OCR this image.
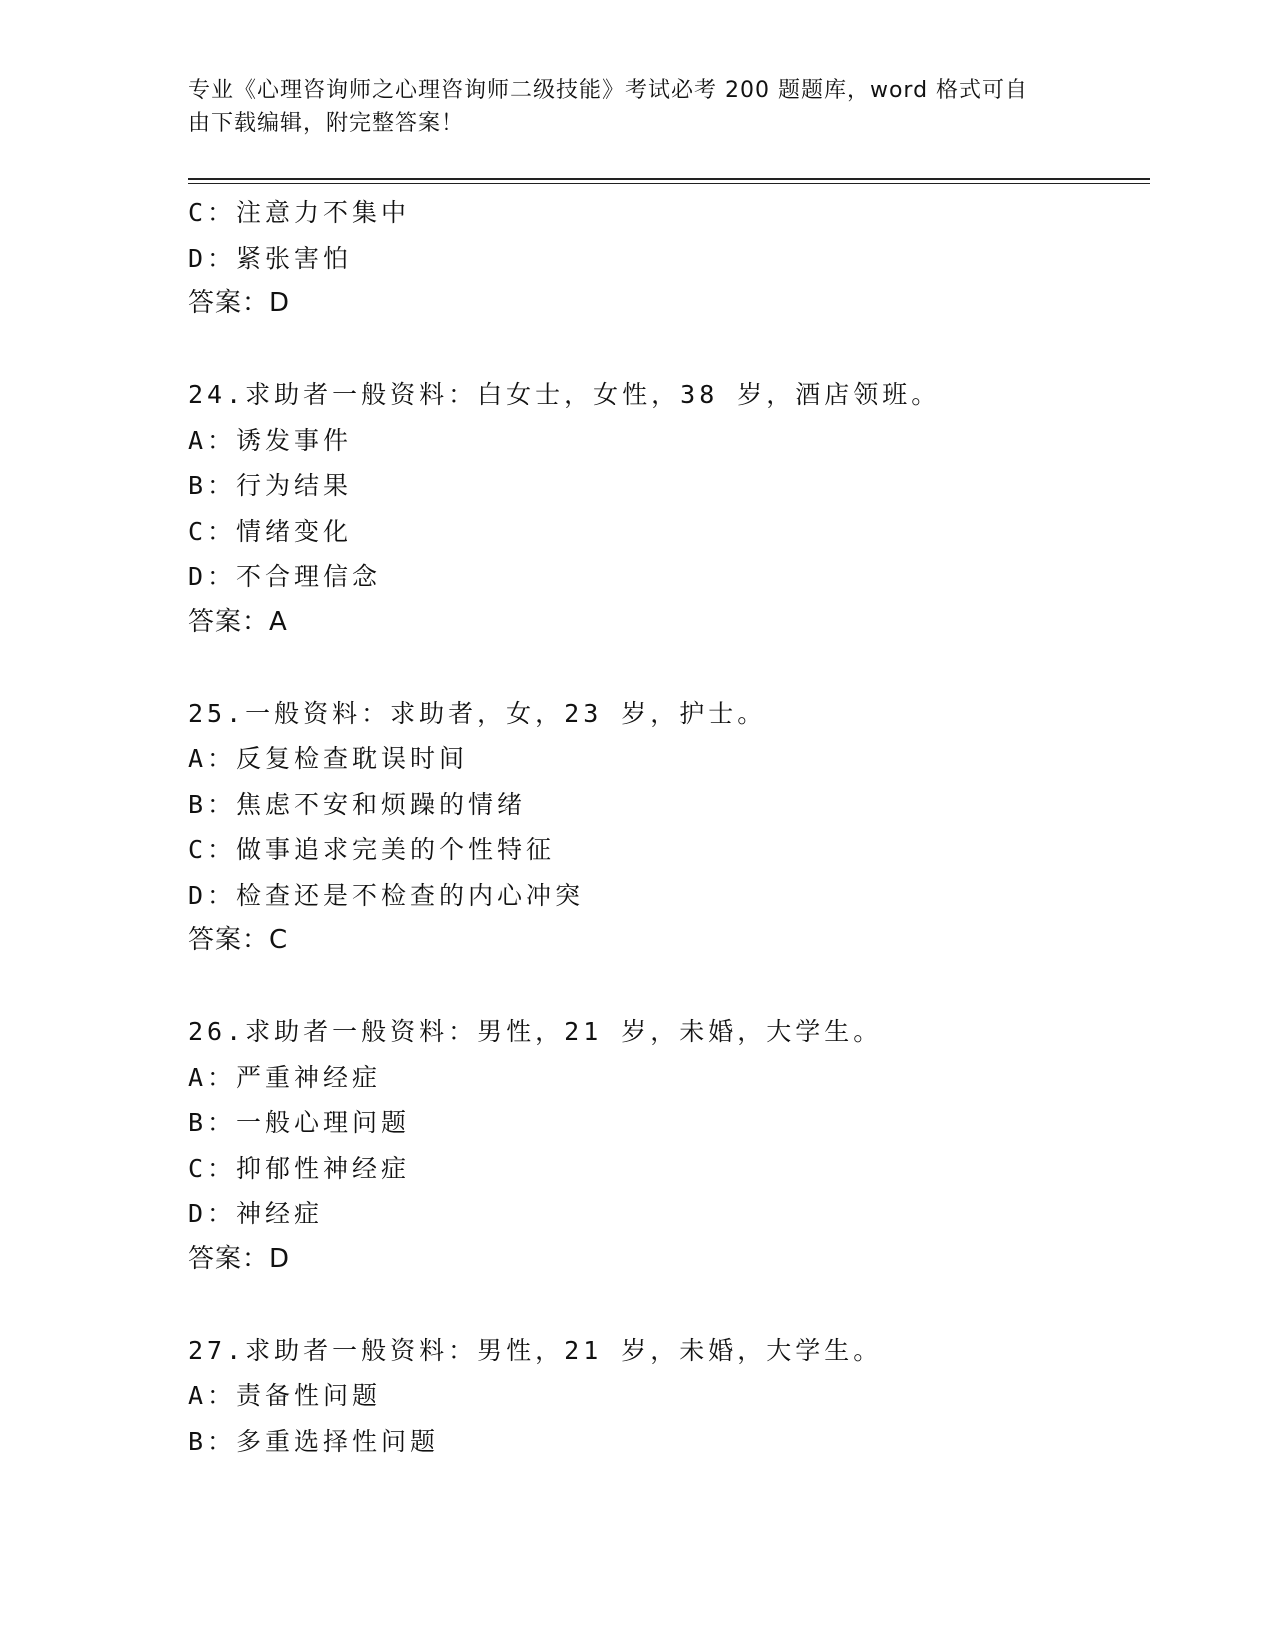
专业《心理咨询师之心理咨询师二级技能》考试必考 200 题题库，word 格式可自
由下载编辑，附完整答案！
C：注意力不集中
D：紧张害怕
答案：D
24.求助者一般资料：白女士，女性，38 岁，酒店领班。
A：诱发事件
B：行为结果
C：情绪变化
D：不合理信念
答案：A
25.一般资料：求助者，女，23 岁，护士。
A：反复检查耽误时间
B：焦虑不安和烦躁的情绪
C：做事追求完美的个性特征
D：检查还是不检查的内心冲突
答案：C
26.求助者一般资料：男性，21 岁，未婚，大学生。
A：严重神经症
B：一般心理问题
C：抑郁性神经症
D：神经症
答案：D
27.求助者一般资料：男性，21 岁，未婚，大学生。
A：责备性问题
B：多重选择性问题
